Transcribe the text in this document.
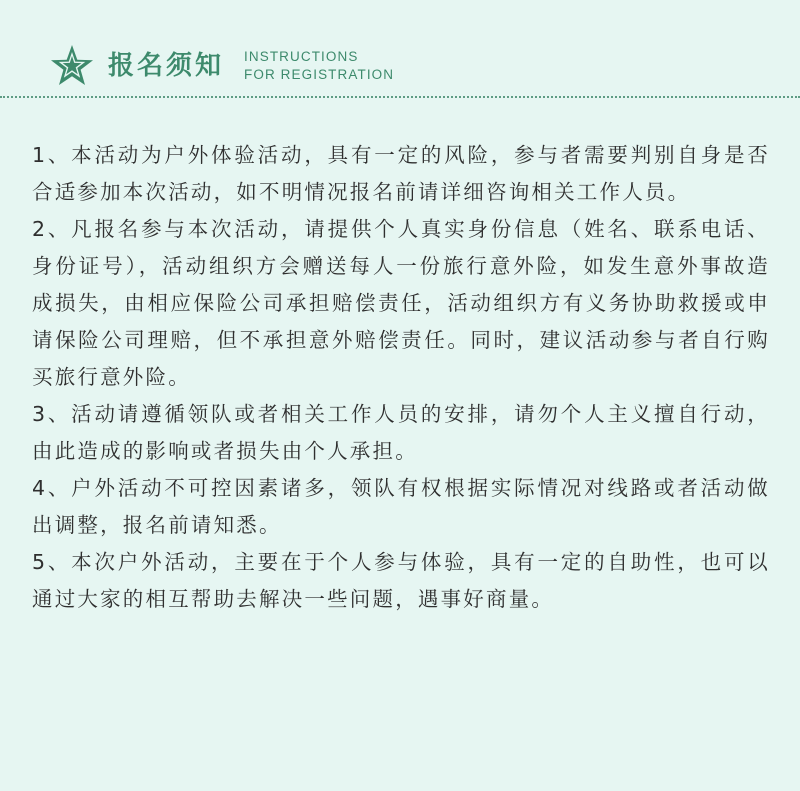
报名须知 INSTRUCTIONS
FOR REGISTRATION

1、本活动为户外体验活动，具有一定的风险，参与者需要判别自身是否合适参加本次活动，如不明情况报名前请详细咨询相关工作人员。

2、凡报名参与本次活动，请提供个人真实身份信息（姓名、联系电话、身份证号），活动组织方会赠送每人一份旅行意外险，如发生意外事故造成损失，由相应保险公司承担赔偿责任，活动组织方有义务协助救援或申请保险公司理赔，但不承担意外赔偿责任。同时，建议活动参与者自行购买旅行意外险。

3、活动请遵循领队或者相关工作人员的安排，请勿个人主义擅自行动，由此造成的影响或者损失由个人承担。

4、户外活动不可控因素诸多，领队有权根据实际情况对线路或者活动做出调整，报名前请知悉。

5、本次户外活动，主要在于个人参与体验，具有一定的自助性，也可以通过大家的相互帮助去解决一些问题，遇事好商量。
